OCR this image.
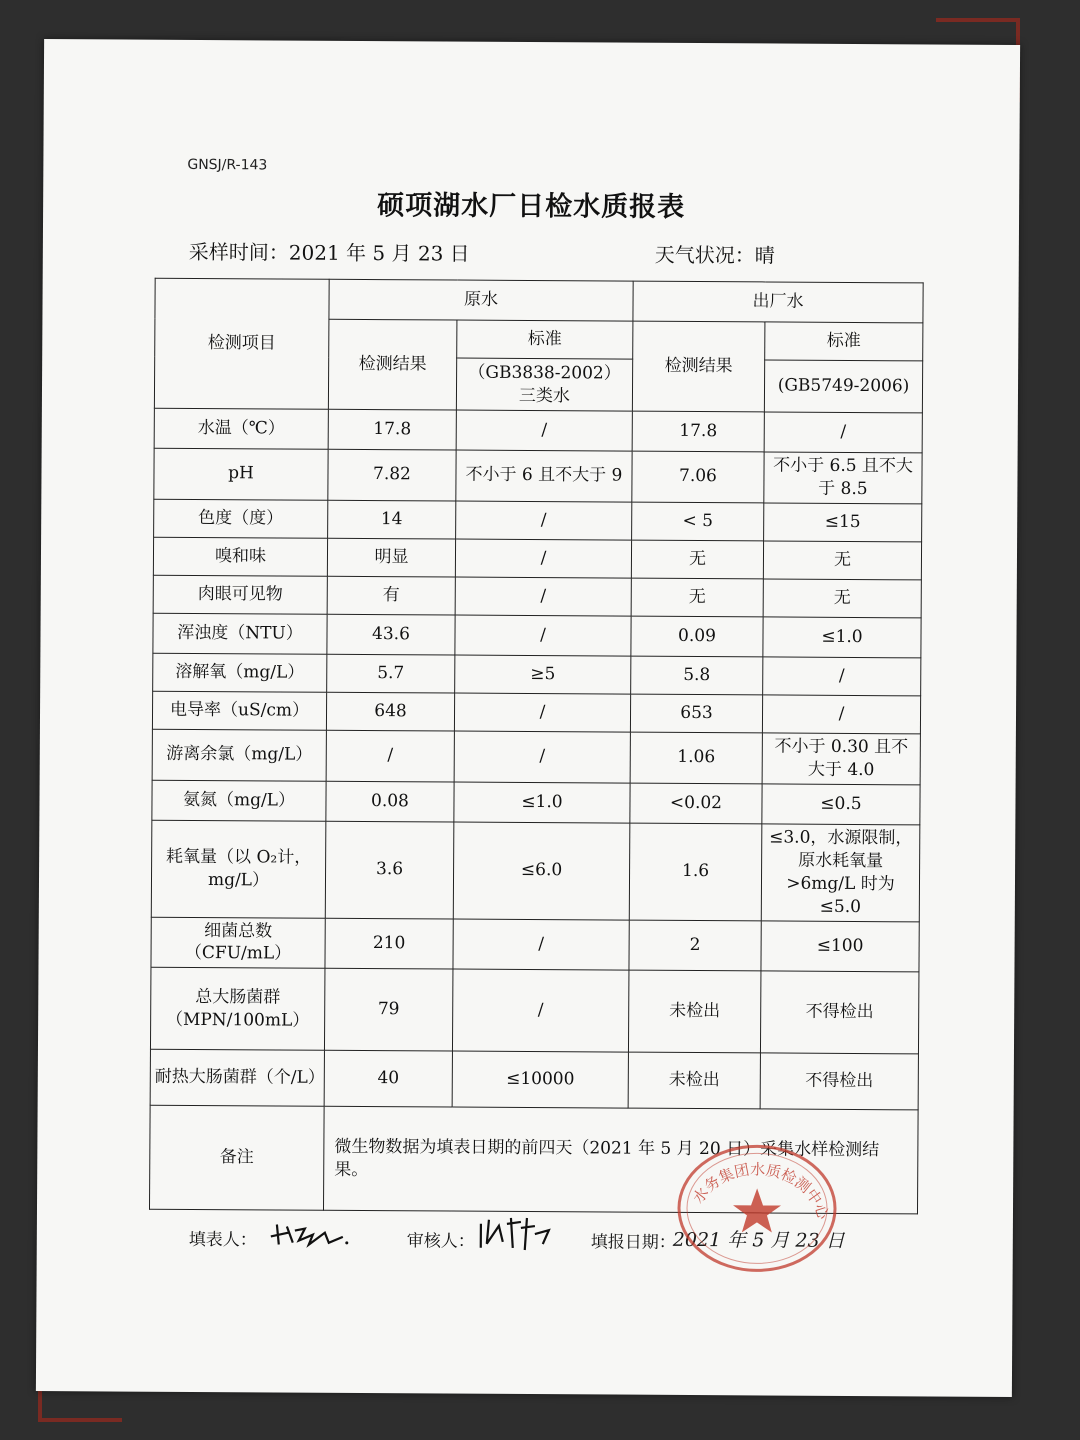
GNSJ/R-143
硕项湖水厂日检水质报表
采样时间：2021 年 5 月 23 日	天气状况：晴
检测项目	原水		出厂水	
	检测结果	标准	检测结果	标准
		（GB3838-2002）三类水		(GB5749-2006)
水温（℃）	17.8	/	17.8	/
pH	7.82	不小于 6 且不大于 9	7.06	不小于 6.5 且不大于 8.5
色度（度）	14	/	< 5	≤15
嗅和味	明显	/	无	无
肉眼可见物	有	/	无	无
浑浊度（NTU）	43.6	/	0.09	≤1.0
溶解氧（mg/L）	5.7	≥5	5.8	/
电导率（uS/cm）	648	/	653	/
游离余氯（mg/L）	/	/	1.06	不小于 0.30 且不大于 4.0
氨氮（mg/L）	0.08	≤1.0	<0.02	≤0.5
耗氧量（以 O₂计，mg/L）	3.6	≤6.0	1.6	≤3.0，水源限制，原水耗氧量>6mg/L 时为≤5.0
细菌总数（CFU/mL）	210	/	2	≤100
总大肠菌群（MPN/100mL）	79	/	未检出	不得检出
耐热大肠菌群（个/L）	40	≤10000	未检出	不得检出
备注	微生物数据为填表日期的前四天（2021 年 5 月 20 日）采集水样检测结果。			
填表人：	审核人：	填报日期：
2021 年 5 月 23 日
水务集团水质检测中心
